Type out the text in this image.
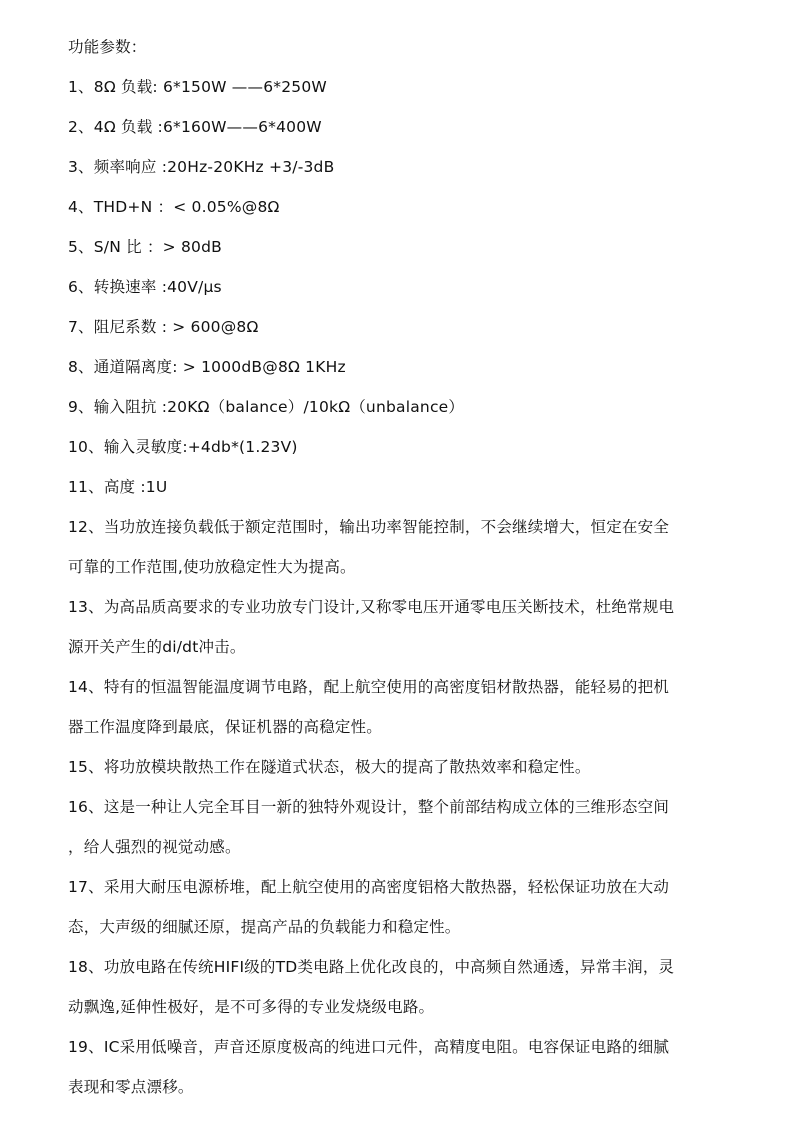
功能参数：
1、8Ω 负载: 6*150W ——6*250W
2、4Ω 负载 :6*160W——6*400W
3、频率响应 :20Hz-20KHz +3/-3dB
4、THD+N ：< 0.05%@8Ω
5、S/N 比 ：> 80dB
6、转换速率 :40V/μs
7、阻尼系数 : > 600@8Ω
8、通道隔离度: > 1000dB@8Ω 1KHz
9、输入阻抗 :20KΩ（balance）/10kΩ（unbalance）
10、输入灵敏度:+4db*(1.23V)
11、高度 :1U
12、当功放连接负载低于额定范围时，输出功率智能控制，不会继续增大，恒定在安全
可靠的工作范围,使功放稳定性大为提高。
13、为高品质高要求的专业功放专门设计,又称零电压开通零电压关断技术，杜绝常规电
源开关产生的di/dt冲击。
14、特有的恒温智能温度调节电路，配上航空使用的高密度铝材散热器，能轻易的把机
器工作温度降到最底，保证机器的高稳定性。
15、将功放模块散热工作在隧道式状态，极大的提高了散热效率和稳定性。
16、这是一种让人完全耳目一新的独特外观设计，整个前部结构成立体的三维形态空间
，给人强烈的视觉动感。
17、采用大耐压电源桥堆，配上航空使用的高密度铝格大散热器，轻松保证功放在大动
态，大声级的细腻还原，提高产品的负载能力和稳定性。
18、功放电路在传统HIFI级的TD类电路上优化改良的，中高频自然通透，异常丰润，灵
动飘逸,延伸性极好，是不可多得的专业发烧级电路。
19、IC采用低噪音，声音还原度极高的纯进口元件，高精度电阻。电容保证电路的细腻
表现和零点漂移。
